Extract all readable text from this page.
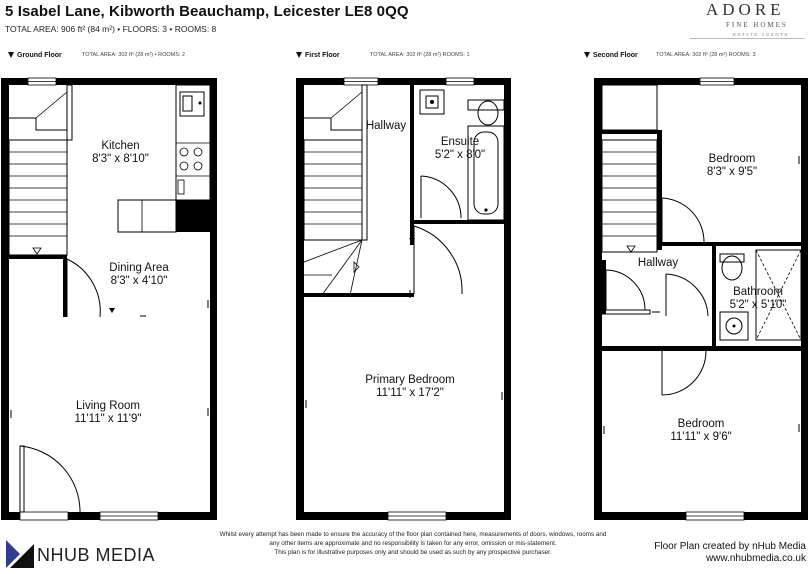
5 Isabel Lane, Kibworth Beauchamp, Leicester LE8 0QQ
TOTAL AREA: 906 ft² (84 m²) • FLOORS: 3 • ROOMS: 8
ADORE
FINE HOMES
ESTATE AGENTS
Ground Floor	TOTAL AREA: 302 ft² (28 m²) • ROOMS: 2	First Floor	TOTAL AREA: 302 ft² (28 m²) ROOMS: 1	Second Floor	TOTAL AREA: 302 ft² (28 m²) ROOMS: 3
Kitchen
8'3" x 8'10"
Dining Area
8'3" x 4'10"
Living Room
11'11" x 11'9"
Hallway
Ensuite
5'2" x 8'0"
Primary Bedroom
11'11" x 17'2"
Bedroom
8'3" x 9'5"
Hallway
Bathroom
5'2" x 5'10"
Bedroom
11'11" x 9'6"
Whilst every attempt has been made to ensure the accuracy of the floor plan contained here, measurements of doors, windows, rooms and
any other items are approximate and no responsibility is taken for any error, omission or mis-statement.
This plan is for illustrative purposes only and should be used as such by any prospective purchaser.
NHUB MEDIA	Floor Plan created by nHub Media
www.nhubmedia.co.uk
